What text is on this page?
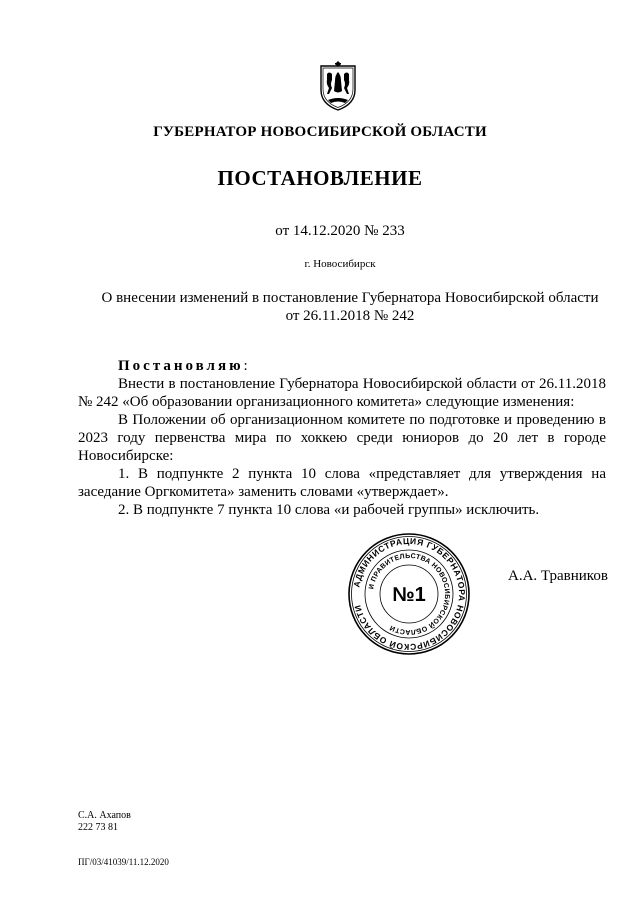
ГУБЕРНАТОР НОВОСИБИРСКОЙ ОБЛАСТИ
ПОСТАНОВЛЕНИЕ
от 14.12.2020 № 233
г. Новосибирск
О внесении изменений в постановление Губернатора Новосибирской области
от 26.11.2018 № 242

Постановляю:

Внести в постановление Губернатора Новосибирской области от 26.11.2018 № 242 «Об образовании организационного комитета» следующие изменения:

В Положении об организационном комитете по подготовке и проведению в 2023 году первенства мира по хоккею среди юниоров до 20 лет в городе Новосибирске:

1. В подпункте 2 пункта 10 слова «представляет для утверждения на заседание Оргкомитета» заменить словами «утверждает».

2. В подпункте 7 пункта 10 слова «и рабочей группы» исключить.

АДМИНИСТРАЦИЯ ГУБЕРНАТОРА НОВОСИБИРСКОЙ ОБЛАСТИ
И ПРАВИТЕЛЬСТВА НОВОСИБИРСКОЙ ОБЛАСТИ
№1
А.А. Травников
С.А. Ахапов
222 73 81
ПГ/03/41039/11.12.2020
